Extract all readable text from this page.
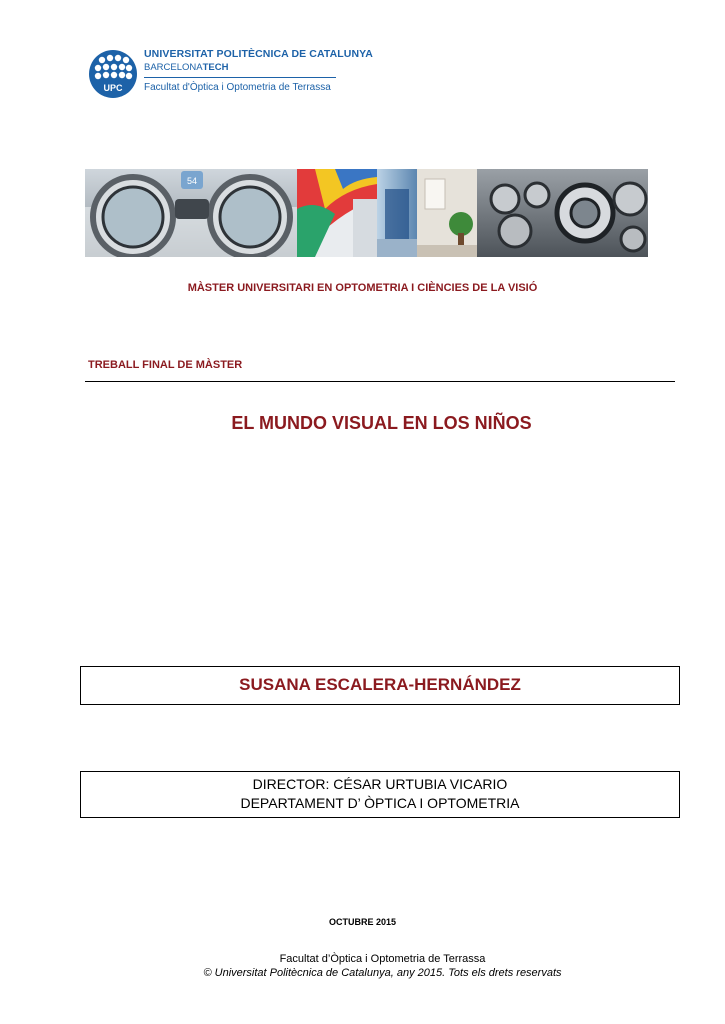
UPC
UNIVERSITAT POLITÈCNICA DE CATALUNYA
BARCELONATECH
Facultat d'Òptica i Optometria de Terrassa
54
MÀSTER UNIVERSITARI EN OPTOMETRIA I CIÈNCIES DE LA VISIÓ
TREBALL FINAL DE MÀSTER
EL MUNDO VISUAL EN LOS NIÑOS
SUSANA ESCALERA-HERNÁNDEZ
DIRECTOR: CÉSAR URTUBIA VICARIO
DEPARTAMENT D’ ÒPTICA I OPTOMETRIA
OCTUBRE 2015
Facultat d’Òptica i Optometria de Terrassa
© Universitat Politècnica de Catalunya, any 2015. Tots els drets reservats
